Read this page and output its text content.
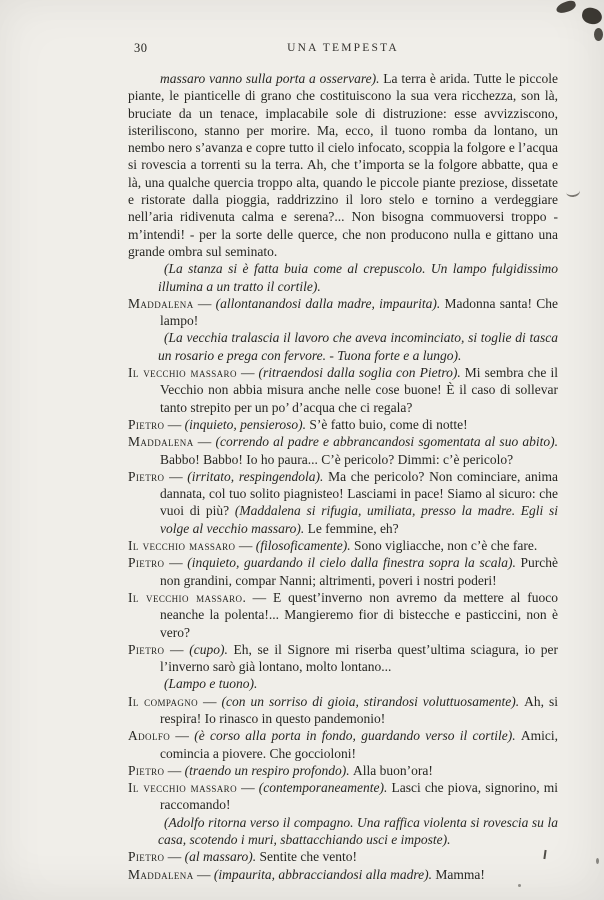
30	UNA TEMPESTA

massaro vanno sulla porta a osservare). La terra è arida. Tutte le piccole piante, le pianticelle di grano che costituiscono la sua vera ricchezza, son là, bruciate da un tenace, implacabile sole di distruzione: esse avvizziscono, isteriliscono, stanno per morire. Ma, ecco, il tuono romba da lontano, un nembo nero s’avanza e copre tutto il cielo infocato, scoppia la folgore e l’acqua si rovescia a torrenti su la terra. Ah, che t’importa se la folgore abbatte, qua e là, una qualche quercia troppo alta, quando le piccole piante preziose, dissetate e ristorate dalla pioggia, raddrizzino il loro stelo e tornino a verdeggiare nell’aria ridivenuta calma e serena?... Non bisogna commuoversi troppo - m’intendi! - per la sorte delle querce, che non producono nulla e gittano una grande ombra sul seminato.

(La stanza si è fatta buia come al crepuscolo. Un lampo fulgidissimo illumina a un tratto il cortile).

Maddalena — (allontanandosi dalla madre, impaurita). Madonna santa! Che lampo!

(La vecchia tralascia il lavoro che aveva incominciato, si toglie di tasca un rosario e prega con fervore. - Tuona forte e a lungo).

Il vecchio massaro — (ritraendosi dalla soglia con Pietro). Mi sembra che il Vecchio non abbia misura anche nelle cose buone! È il caso di sollevar tanto strepito per un po’ d’acqua che ci regala?

Pietro — (inquieto, pensieroso). S’è fatto buio, come di notte!

Maddalena — (correndo al padre e abbrancandosi sgomentata al suo abito). Babbo! Babbo! Io ho paura... C’è pericolo? Dimmi: c’è pericolo?

Pietro — (irritato, respingendola). Ma che pericolo? Non cominciare, anima dannata, col tuo solito piagnisteo! Lasciami in pace! Siamo al sicuro: che vuoi di più? (Maddalena si rifugia, umiliata, presso la madre. Egli si volge al vecchio massaro). Le femmine, eh?

Il vecchio massaro — (filosoficamente). Sono vigliacche, non c’è che fare.

Pietro — (inquieto, guardando il cielo dalla finestra sopra la scala). Purchè non grandini, compar Nanni; altrimenti, poveri i nostri poderi!

Il vecchio massaro. — E quest’inverno non avremo da mettere al fuoco neanche la polenta!... Mangieremo fior di bistecche e pasticcini, non è vero?

Pietro — (cupo). Eh, se il Signore mi riserba quest’ultima sciagura, io per l’inverno sarò già lontano, molto lontano...

(Lampo e tuono).

Il compagno — (con un sorriso di gioia, stirandosi voluttuosamente). Ah, si respira! Io rinasco in questo pandemonio!

Adolfo — (è corso alla porta in fondo, guardando verso il cortile). Amici, comincia a piovere. Che goccioloni!

Pietro — (traendo un respiro profondo). Alla buon’ora!

Il vecchio massaro — (contemporaneamente). Lasci che piova, signorino, mi raccomando!

(Adolfo ritorna verso il compagno. Una raffica violenta si rovescia su la casa, scotendo i muri, sbattacchiando usci e imposte).

Pietro — (al massaro). Sentite che vento!

Maddalena — (impaurita, abbracciandosi alla madre). Mamma!
